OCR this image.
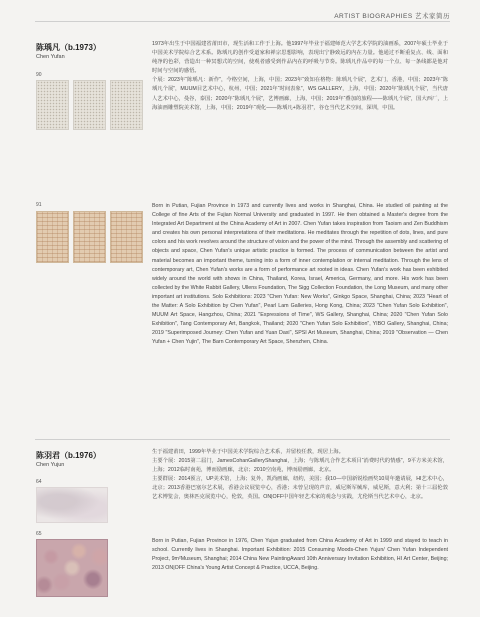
ARTIST BIOGRAPHIES 艺术家简历
陈瑀凡（b.1973）
Chen Yufan
90
91

1973年出生于中国福建省莆田市，现生活和工作于上海。他1997年毕业于福建师范大学艺术学院的油画系，2007年硕士毕业于中国美术学院综合艺术系。陈瑀凡的创作受道家和禅宗思想影响，表现出宁静致远的内在力量。他通过不断重复点、线、面和纯净的色彩，营造出一种冥想式的空间，使观者感受到作品内在的呼吸与节奏。陈瑀凡作品中的每一个点、每一条线都是他对时间与空间的感悟。

个展：2023年“陈瑀凡：新作”，今格空间，上海，中国；2023年“致知在格物：陈瑀凡个展”，艺术门，香港，中国；2023年“陈瑀凡个展”，MUUM目艺术中心，杭州，中国；2021年“时间表象”，WS GALLERY，上海，中国；2020年“陈瑀凡个展”，当代唐人艺术中心，曼谷，泰国；2020年“陈瑀凡个展”，艺博画廊，上海，中国；2019年“叠加的旅程——陈瑀凡个展”，国大西厂，上海油画雕塑院美术馆，上海，中国；2019年“观化——陈瑀凡+陈羽君”，谷仓当代艺术空间，深圳，中国。

Born in Putian, Fujian Province in 1973 and currently lives and works in Shanghai, China. He studied oil painting at the College of fine Arts of the Fujian Normal University and graduated in 1997. He then obtained a Master's degree from the Integrated Art Department at the China Academy of Art in 2007. Chen Yufan takes inspiration from Taoism and Zen Buddhism and creates his own personal interpretations of their meditations. He meditates through the repetition of dots, lines, and pure colors and his work revolves around the structure of vision and the power of the mind. Through the assembly and scattering of objects and space, Chen Yufan's unique artistic practice is formed. The process of communication between the artist and material becomes an important theme, turning into a form of inner contemplation or internal meditation. Through the lens of contemporary art, Chen Yufan's works are a form of performance art rooted in ideas. Chen Yufan's work has been exhibited widely around the world with shows in China, Thailand, Korea, Israel, America, Germany, and more. His work has been collected by the White Rabbit Gallery, Ullens Foundation, The Sigg Collection Foundation, the Long Museum, and many other important art institutions. Solo Exhibitions: 2023 "Chen Yufan: New Works", Ginkgo Space, Shanghai, China; 2023 "Heart of the Matter: A Solo Exhibition by Chen Yufan", Pearl Lam Galleries, Hong Kong, China; 2023 "Chen Yufan Solo Exhibition", MUUM Art Space, Hangzhou, China; 2021 "Expressions of Time", WS Gallery, Shanghai, China; 2020 "Chen Yufan Solo Exhibition", Tang Contemporary Art, Bangkok, Thailand; 2020 "Chen Yufan Solo Exhibition", YIBO Gallery, Shanghai, China; 2019 "Superimposed Journey: Chen Yufan and Yuan Daxi", SPSI Art Museum, Shanghai, China; 2019 "Observation — Chen Yufan + Chen Yujin", The Barn Contemporary Art Space, Shenzhen, China.

陈羽君（b.1976）
Chen Yujun
64
65

生于福建莆田，1999年毕业于中国美术学院综合艺术系，并留校任教，现居上海。

主要个展：2015第二届门，JamesCohanGalleryShanghai，上海；与陈瑀凡合作艺术项目“消费时代的情感”，9平方米美术馆，上海；2012临时南苑，博而励画廊，北京；2010空南苑，博而励画廊，北京。

主要群展：2014预言，UP美术馆，上海；复外，凯尚画廊，纽约，美国；我10—中国新锐绘画奖10周年邀请展，HI艺术中心，北京；2013香港巴塞尔艺术展，香港会议展览中心，香港；未曾呈现的声音，威尼斯军械库，威尼斯，意大利；第十三届伦敦艺术博览会，奥林匹克展览中心，伦敦，英国。ON|OFF中国年轻艺术家的观念与实践，尤伦斯当代艺术中心，北京。

Born in Putian, Fujian Province in 1976, Chen Yujun graduated from China Academy of Art in 1999 and stayed to teach in school. Currently lives in Shanghai. Important Exhibition: 2015 Consuming Moods-Chen Yujun/ Chen Yufan Independent Project, 9m²Museum, Shanghai; 2014 China New PaintingAward 10th Anniversary Invitation Exhibition, HI Art Center, Beijing; 2013 ON|OFF China's Young Artist Concept & Practice, UCCA, Beijing.
